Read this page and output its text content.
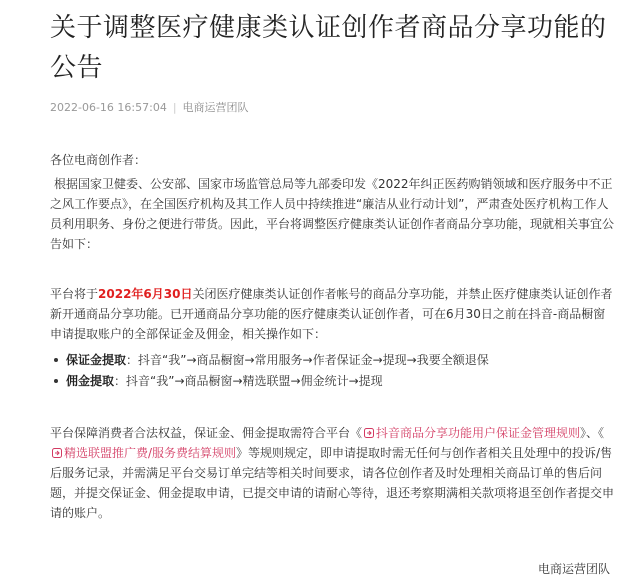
关于调整医疗健康类认证创作者商品分享功能的公告
2022-06-16 16:57:04 | 电商运营团队

各位电商创作者：

根据国家卫健委、公安部、国家市场监管总局等九部委印发《2022年纠正医药购销领域和医疗服务中不正之风工作要点》，在全国医疗机构及其工作人员中持续推进“廉洁从业行动计划”，严肃查处医疗机构工作人员利用职务、身份之便进行带货。因此，平台将调整医疗健康类认证创作者商品分享功能，现就相关事宜公告如下：

平台将于2022年6月30日关闭医疗健康类认证创作者帐号的商品分享功能，并禁止医疗健康类认证创作者新开通商品分享功能。已开通商品分享功能的医疗健康类认证创作者，可在6月30日之前在抖音-商品橱窗申请提取账户的全部保证金及佣金，相关操作如下：

保证金提取：抖音“我”→商品橱窗→常用服务→作者保证金→提现→我要全额退保
佣金提取：抖音“我”→商品橱窗→精选联盟→佣金统计→提现

平台保障消费者合法权益，保证金、佣金提取需符合平台《 抖音商品分享功能用户保证金管理规则》、《精选联盟推广费/服务费结算规则》等规则规定，即申请提取时需无任何与创作者相关且处理中的投诉/售后服务记录，并需满足平台交易订单完结等相关时间要求，请各位创作者及时处理相关商品订单的售后问题，并提交保证金、佣金提取申请，已提交申请的请耐心等待，退还考察期满相关款项将退至创作者提交申请的账户。

电商运营团队
